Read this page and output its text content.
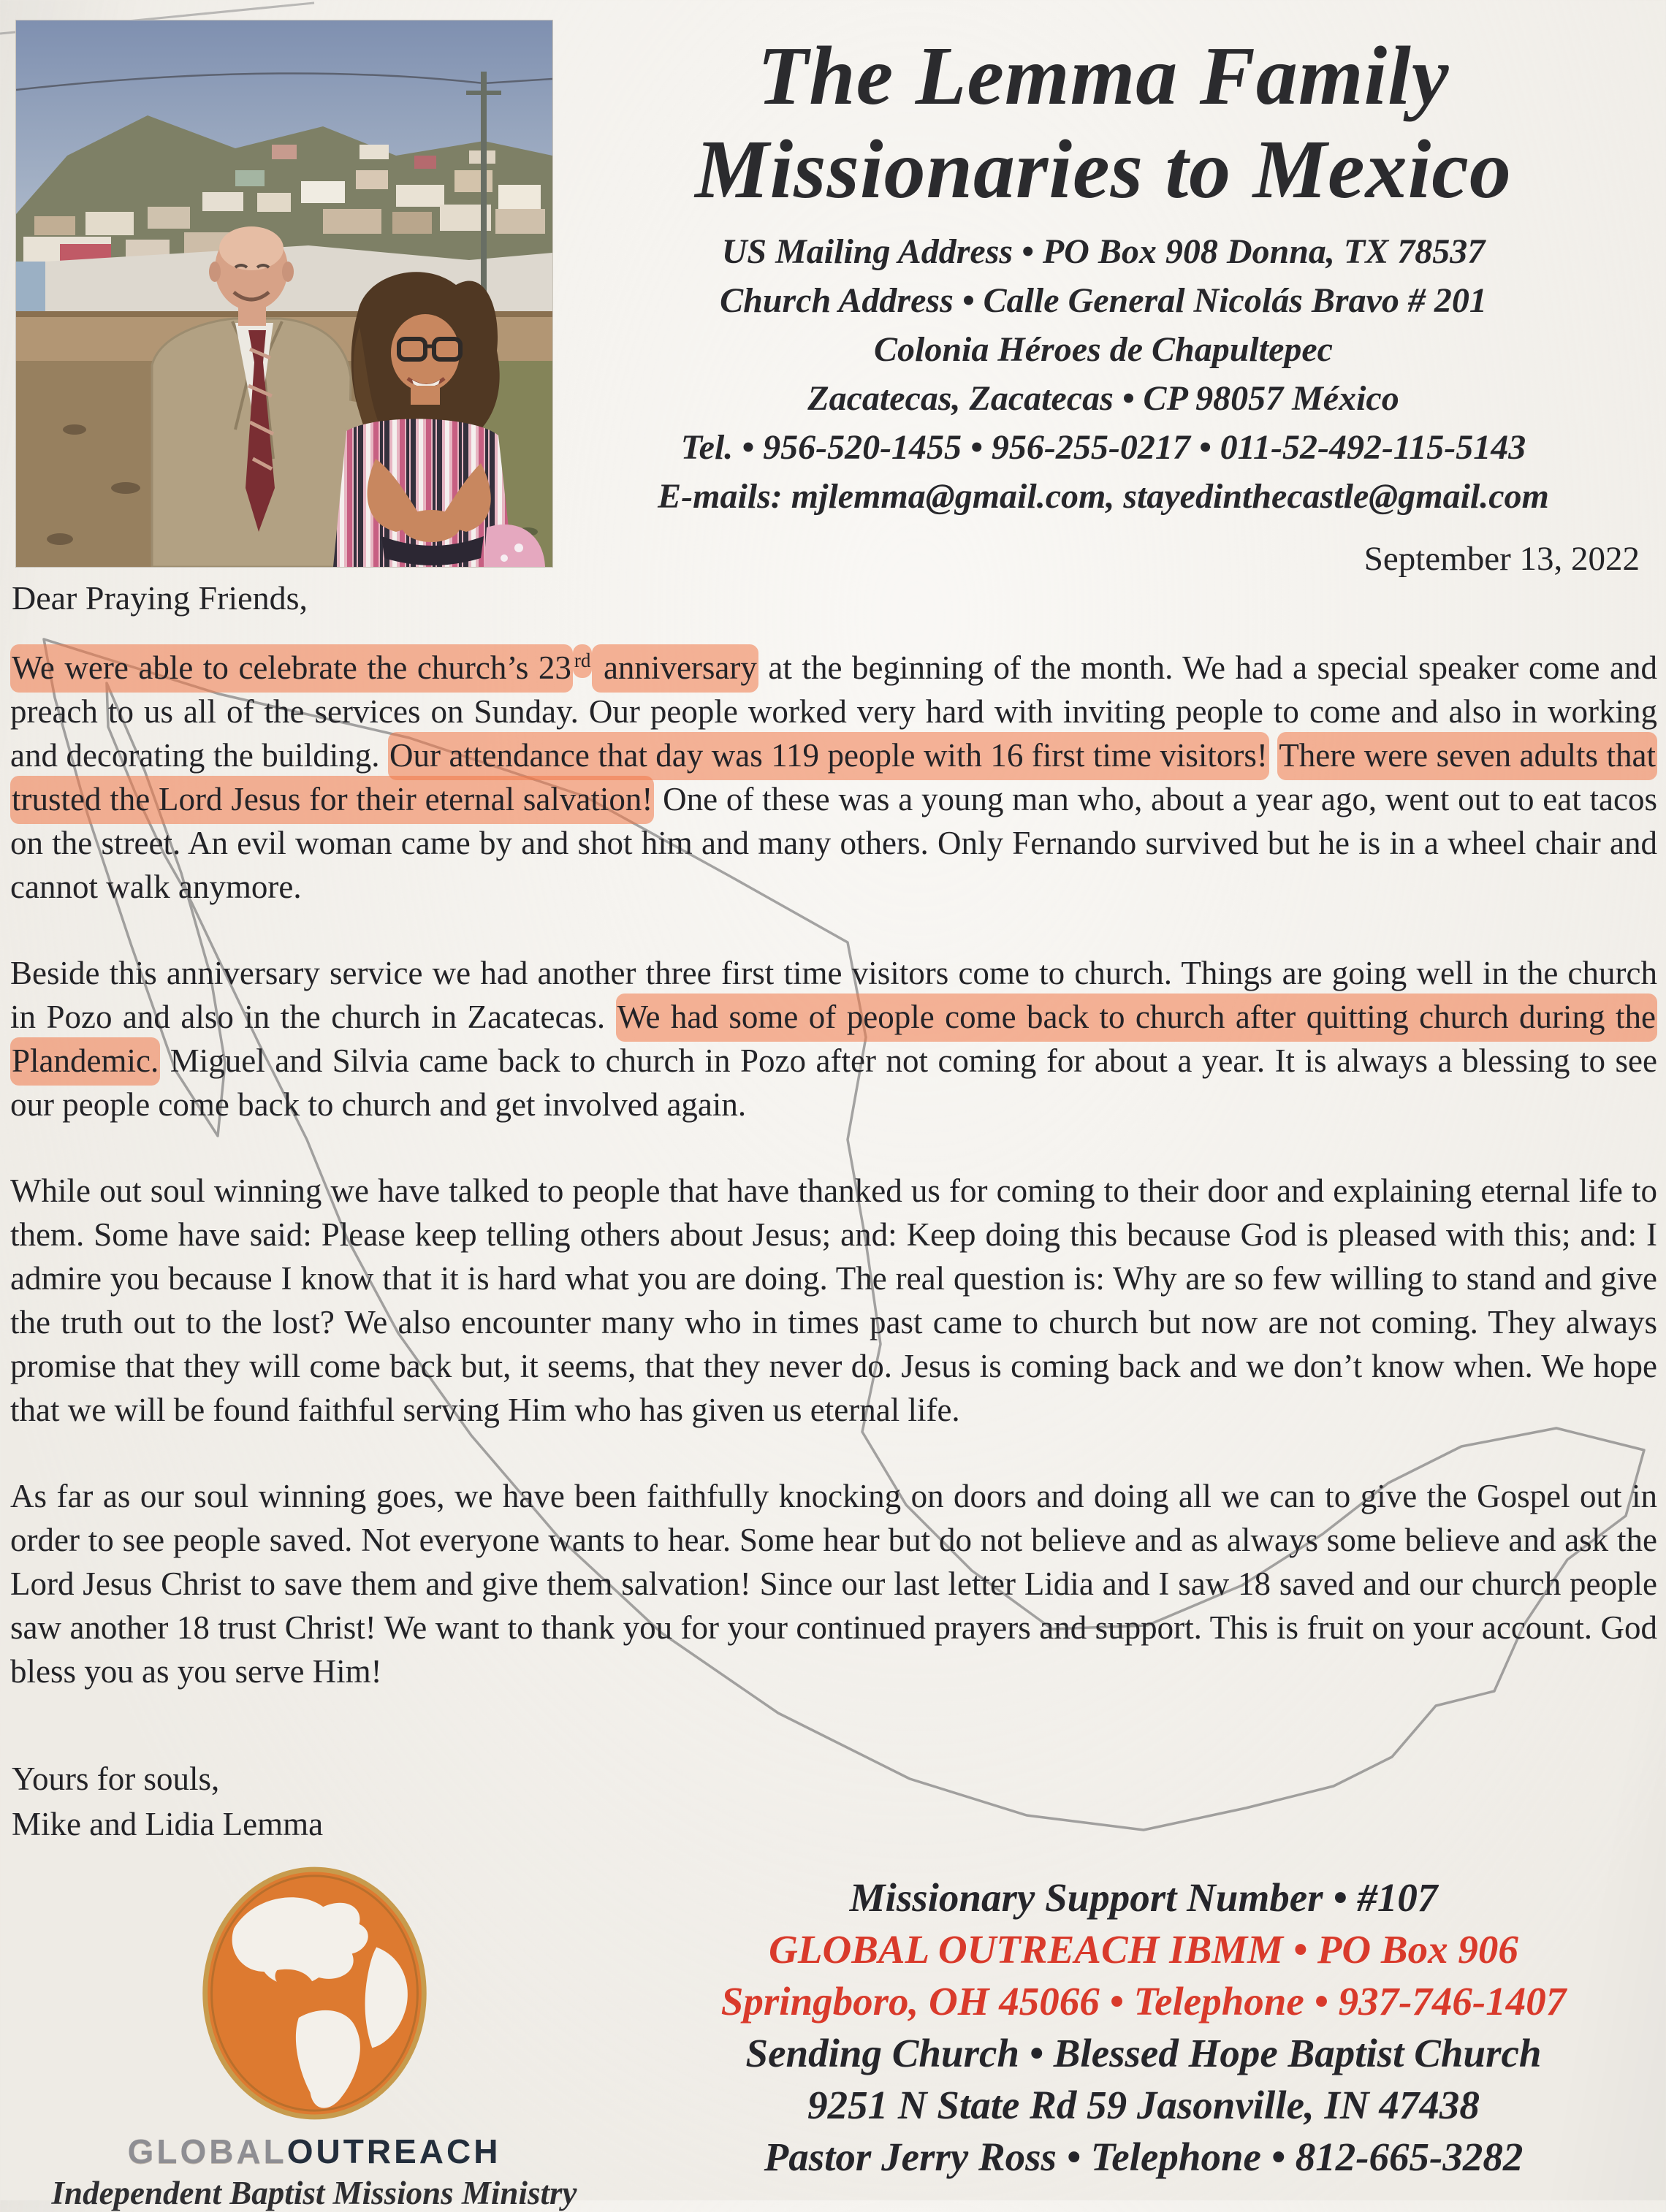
The Lemma Family
Missionaries to Mexico
US Mailing Address • PO Box 908 Donna, TX 78537
Church Address • Calle General Nicolás Bravo # 201
Colonia Héroes de Chapultepec
Zacatecas, Zacatecas • CP 98057 México
Tel. • 956-520-1455 • 956-255-0217 • 011-52-492-115-5143
E-mails: mjlemma@gmail.com, stayedinthecastle@gmail.com
September 13, 2022
Dear Praying Friends,

We were able to celebrate the church’s 23 $^{rd}$ anniversary at the beginning of the month. We had a special speaker come and preach to us all of the services on Sunday. Our people worked very hard with inviting people to come and also in working and decorating the building. Our attendance that day was 119 people with 16 first time visitors! There were seven adults that trusted the Lord Jesus for their eternal salvation! One of these was a young man who, about a year ago, went out to eat tacos on the street. An evil woman came by and shot him and many others. Only Fernando survived but he is in a wheel chair and cannot walk anymore.

Beside this anniversary service we had another three first time visitors come to church. Things are going well in the church in Pozo and also in the church in Zacatecas. We had some of people come back to church after quitting church during the Plandemic. Miguel and Silvia came back to church in Pozo after not coming for about a year. It is always a blessing to see our people come back to church and get involved again.

While out soul winning we have talked to people that have thanked us for coming to their door and explaining eternal life to them. Some have said: Please keep telling others about Jesus; and: Keep doing this because God is pleased with this; and: I admire you because I know that it is hard what you are doing. The real question is: Why are so few willing to stand and give the truth out to the lost? We also encounter many who in times past came to church but now are not coming. They always promise that they will come back but, it seems, that they never do. Jesus is coming back and we don’t know when. We hope that we will be found faithful serving Him who has given us eternal life.

As far as our soul winning goes, we have been faithfully knocking on doors and doing all we can to give the Gospel out in order to see people saved. Not everyone wants to hear. Some hear but do not believe and as always some believe and ask the Lord Jesus Christ to save them and give them salvation! Since our last letter Lidia and I saw 18 saved and our church people saw another 18 trust Christ! We want to thank you for your continued prayers and support. This is fruit on your account. God bless you as you serve Him!

Yours for souls,
Mike and Lidia Lemma
GLOBALOUTREACH
Independent Baptist Missions Ministry
Missionary Support Number • #107
GLOBAL OUTREACH IBMM • PO Box 906
Springboro, OH 45066 • Telephone • 937-746-1407
Sending Church • Blessed Hope Baptist Church
9251 N State Rd 59 Jasonville, IN 47438
Pastor Jerry Ross • Telephone • 812-665-3282
